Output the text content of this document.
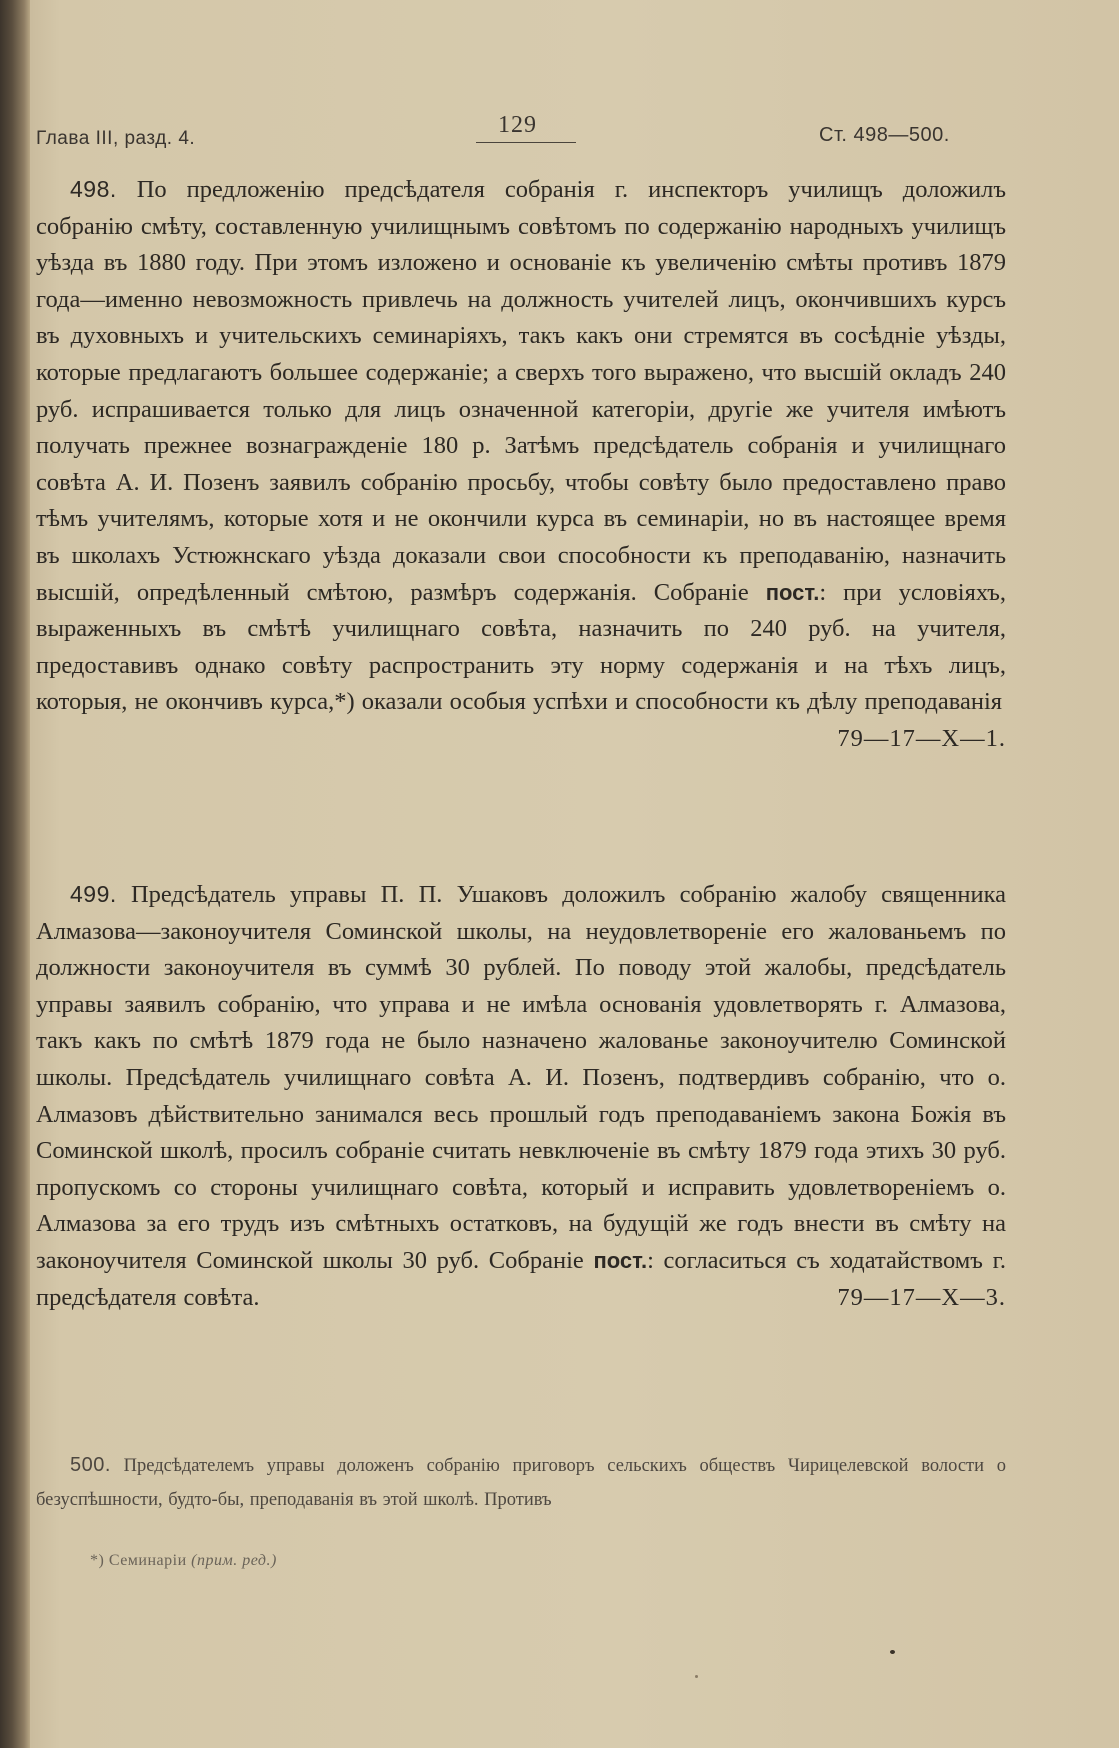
Глава III, разд. 4.
129	Ст. 498—500.

498. По предложенію предсѣдателя собранія г. инспекторъ училищъ доложилъ собранію смѣту, составленную училищнымъ совѣтомъ по содержанію народныхъ училищъ уѣзда въ 1880 году. При этомъ изложено и основаніе къ увеличенію смѣты противъ 1879 года—именно невозможность привлечь на должность учителей лицъ, окончившихъ курсъ въ духовныхъ и учительскихъ семинаріяхъ, такъ какъ они стремятся въ сосѣдніе уѣзды, которые предлагаютъ большее содержаніе; а сверхъ того выражено, что высшій окладъ 240 руб. испрашивается только для лицъ означенной категоріи, другіе же учителя имѣютъ получать прежнее вознагражденіе 180 р. Затѣмъ предсѣдатель собранія и училищнаго совѣта А. И. Позенъ заявилъ собранію просьбу, чтобы совѣту было предоставлено право тѣмъ учителямъ, которые хотя и не окончили курса въ семинаріи, но въ настоящее время въ школахъ Устюжнскаго уѣзда доказали свои способности къ преподаванію, назначить высшій, опредѣленный смѣтою, размѣръ содержанія. Собраніе пост.: при условіяхъ, выраженныхъ въ смѣтѣ училищнаго совѣта, назначить по 240 руб. на учителя, предоставивъ однако совѣту распространить эту норму содержанія и на тѣхъ лицъ, которыя, не окончивъ курса,*) оказали особыя успѣхи и способности къ дѣлу преподаванія
79—17—X—1.

499. Предсѣдатель управы П. П. Ушаковъ доложилъ собранію жалобу священника Алмазова—законоучителя Соминской школы, на неудовлетвореніе его жалованьемъ по должности законоучителя въ суммѣ 30 рублей. По поводу этой жалобы, предсѣдатель управы заявилъ собранію, что управа и не имѣла основанія удовлетворять г. Алмазова, такъ какъ по смѣтѣ 1879 года не было назначено жалованье законоучителю Соминской школы. Предсѣдатель училищнаго совѣта А. И. Позенъ, подтвердивъ собранію, что о. Алмазовъ дѣйствительно занимался весь прошлый годъ преподаваніемъ закона Божія въ Соминской школѣ, просилъ собраніе считать невключеніе въ смѣту 1879 года этихъ 30 руб. пропускомъ со стороны училищнаго совѣта, который и исправить удовлетвореніемъ о. Алмазова за его трудъ изъ смѣтныхъ остатковъ, на будущій же годъ внести въ смѣту на законоучителя Соминской школы 30 руб. Собраніе пост.: согласиться съ ходатайствомъ г. предсѣдателя совѣта.	79—17—X—3.

500. Предсѣдателемъ управы доложенъ собранію приговоръ сельскихъ обществъ Чирицелевской волости о безуспѣшности, будто-бы, преподаванія въ этой школѣ. Противъ

*) Семинаріи (прим. ред.)
